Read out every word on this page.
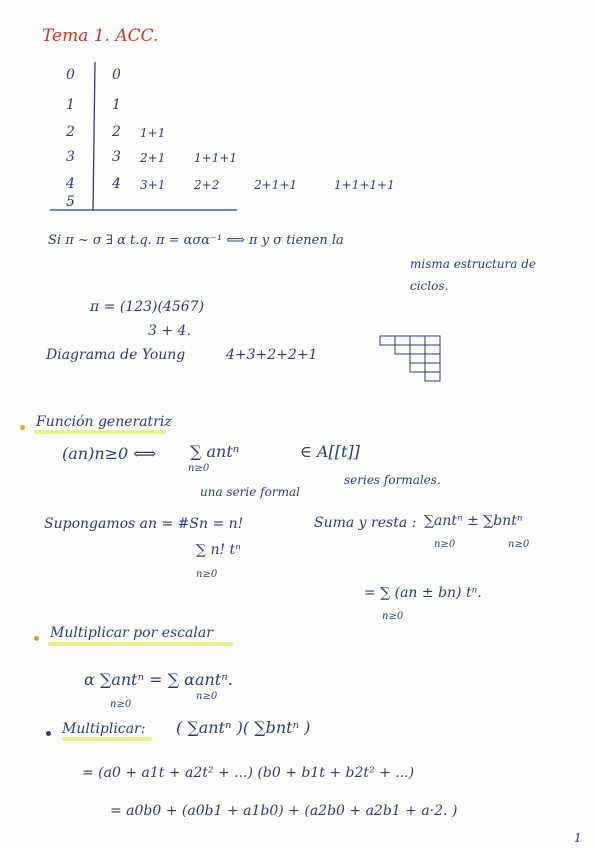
Tema 1. ACC.
0	0
1	1
2	2 1+1
3	3 2+1 1+1+1
4	4 3+1 2+2	2+1+1	1+1+1+1
5
Si π ~ σ ∃ α t.q. π = ασα⁻¹ ⟺ π y σ tienen la
misma estructura de
ciclos.
π = (123)(4567)
3 + 4.
Diagrama de Young	4+3+2+2+1
Función generatriz
(an)n≥0 ⟺ ∑ antⁿ
n≥0
∈ A[[t]]
una serie formal
series formales.
Supongamos an = #Sn = n!
∑ n! tⁿ
n≥0
Suma y resta : ∑antⁿ ± ∑bntⁿ
n≥0	n≥0
= ∑ (an ± bn) tⁿ.
n≥0
Multiplicar por escalar
α ∑antⁿ = ∑ αantⁿ.
n≥0
n≥0
Multiplicar: ( ∑antⁿ )( ∑bntⁿ )
= (a0 + a1t + a2t² + ...) (b0 + b1t + b2t² + ...)
= a0b0 + (a0b1 + a1b0) + (a2b0 + a2b1 + a·2. )
1
